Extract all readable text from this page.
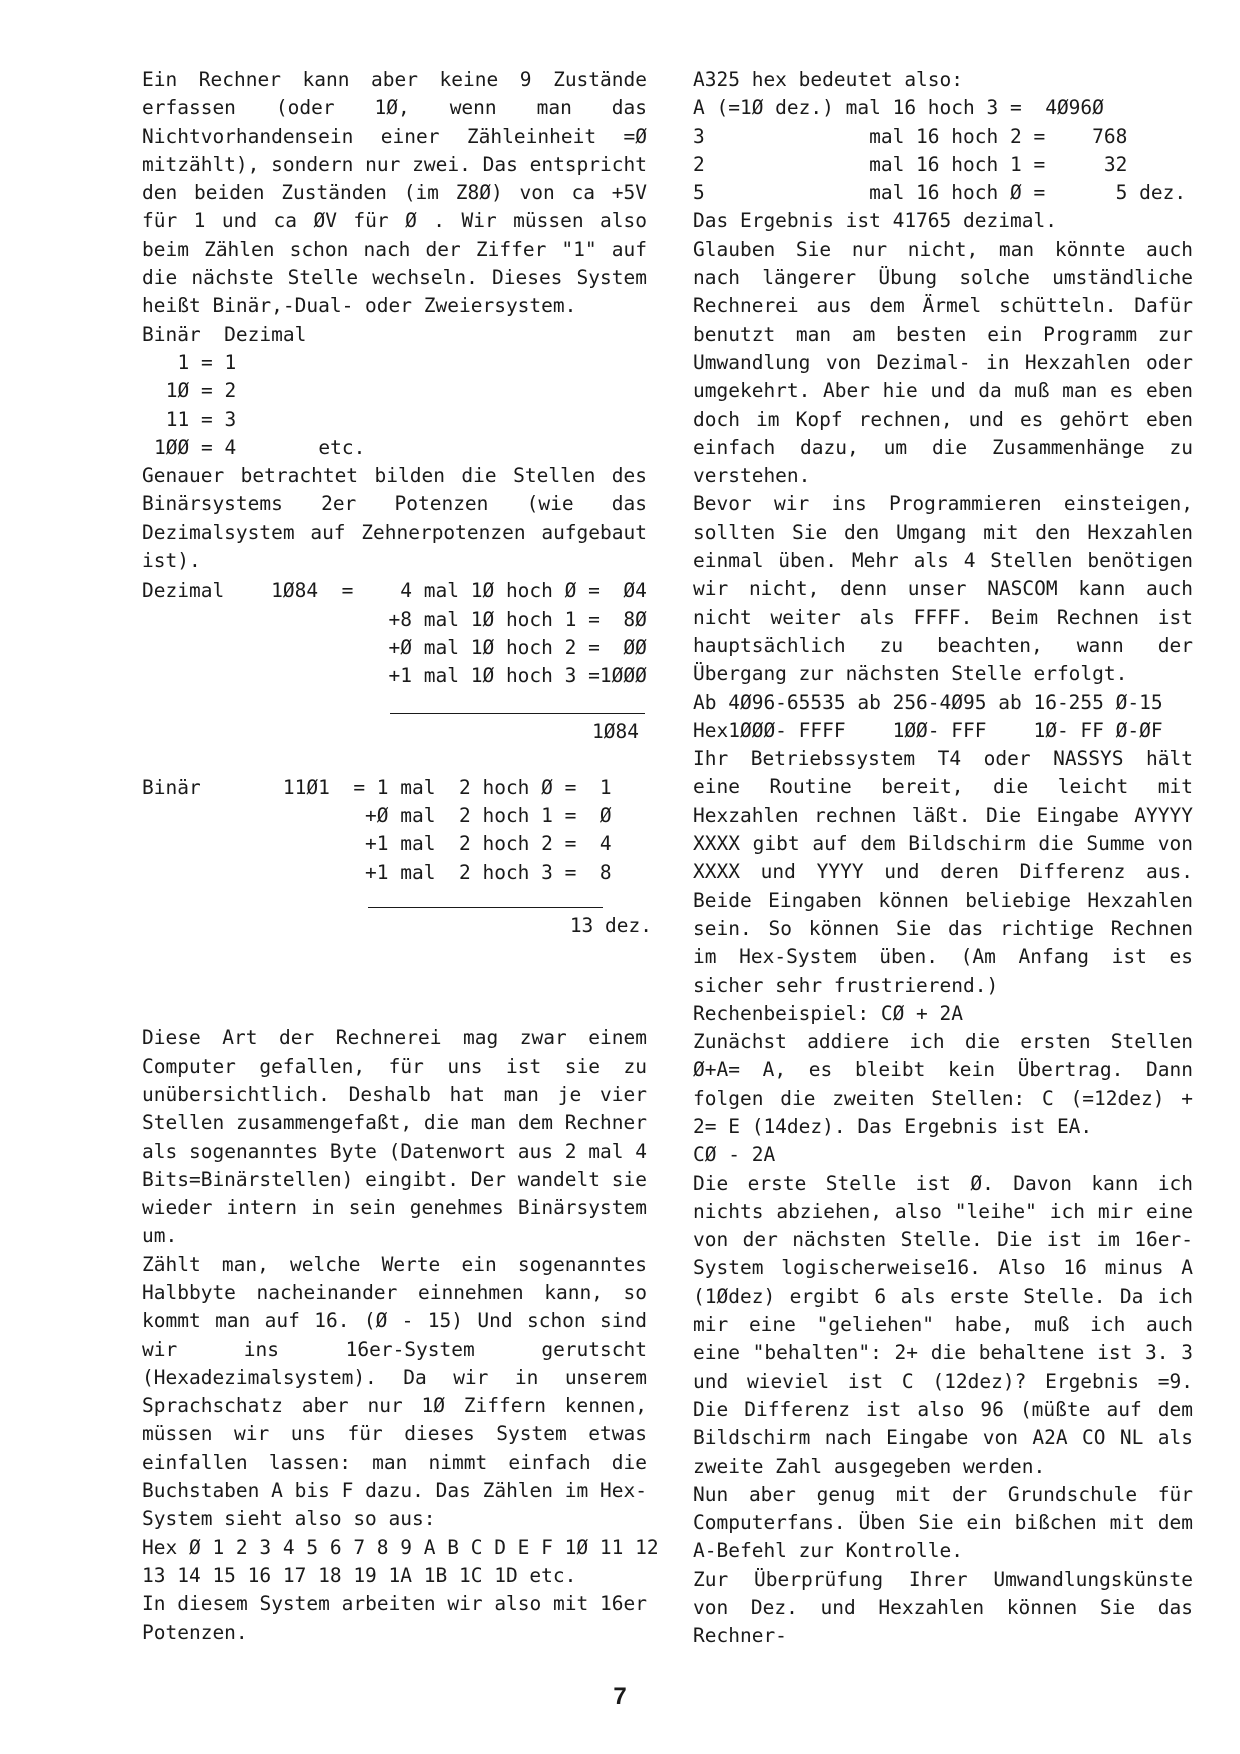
Ein Rechner kann aber keine 9 Zustände erfassen (oder 1Ø, wenn man das Nichtvorhandensein einer Zähleinheit =Ø mitzählt), sondern nur zwei. Das entspricht den beiden Zuständen (im Z8Ø) von ca +5V für 1 und ca ØV für Ø . Wir müssen also beim Zählen schon nach der Ziffer "1" auf die nächste Stelle wechseln. Dieses System heißt Binär,-Dual- oder Zweiersystem.

Binär  Dezimal

1 = 1

1Ø = 2

11 = 3

1ØØ = 4       etc.

Genauer betrachtet bilden die Stellen des Binärsystems 2er Potenzen (wie das Dezimalsystem auf Zehnerpotenzen aufgebaut ist).

Dezimal    1Ø84  =    4 mal 1Ø hoch Ø =  Ø4

+8 mal 1Ø hoch 1 =  8Ø

+Ø mal 1Ø hoch 2 =  ØØ

+1 mal 1Ø hoch 3 =1ØØØ

1Ø84

Binär       11Ø1  = 1 mal  2 hoch Ø =  1

+Ø mal  2 hoch 1 =  Ø

+1 mal  2 hoch 2 =  4

+1 mal  2 hoch 3 =  8

13 dez.

Diese Art der Rechnerei mag zwar einem Computer gefallen, für uns ist sie zu unübersichtlich. Deshalb hat man je vier Stellen zusammengefaßt, die man dem Rechner als sogenanntes Byte (Datenwort aus 2 mal 4 Bits=Binärstellen) eingibt. Der wandelt sie wieder intern in sein genehmes Binärsystem um.

Zählt man, welche Werte ein sogenanntes Halbbyte nacheinander einnehmen kann, so kommt man auf 16. (Ø - 15) Und schon sind wir ins 16er-System gerutscht (Hexadezimalsystem). Da wir in unserem Sprachschatz aber nur 1Ø Ziffern kennen, müssen wir uns für dieses System etwas einfallen lassen: man nimmt einfach die Buchstaben A bis F dazu. Das Zählen im Hex-System sieht also so aus:

Hex Ø 1 2 3 4 5 6 7 8 9 A B C D E F 1Ø 11 12

13 14 15 16 17 18 19 1A 1B 1C 1D etc.

In diesem System arbeiten wir also mit 16er Potenzen.

A325 hex bedeutet also:

A (=1Ø dez.) mal 16 hoch 3 =  4Ø96Ø

3              mal 16 hoch 2 =    768

2              mal 16 hoch 1 =     32

5              mal 16 hoch Ø =      5 dez.

Das Ergebnis ist 41765 dezimal.

Glauben Sie nur nicht, man könnte auch nach längerer Übung solche umständliche Rechnerei aus dem Ärmel schütteln. Dafür benutzt man am besten ein Programm zur Umwandlung von Dezimal- in Hexzahlen oder umgekehrt. Aber hie und da muß man es eben doch im Kopf rechnen, und es gehört eben einfach dazu, um die Zusammenhänge zu verstehen.

Bevor wir ins Programmieren einsteigen, sollten Sie den Umgang mit den Hexzahlen einmal üben. Mehr als 4 Stellen benötigen wir nicht, denn unser NASCOM kann auch nicht weiter als FFFF. Beim Rechnen ist hauptsächlich zu beachten, wann der Übergang zur nächsten Stelle erfolgt.

Ab 4Ø96-65535 ab 256-4Ø95 ab 16-255 Ø-15

Hex1ØØØ- FFFF    1ØØ- FFF    1Ø- FF Ø-ØF

Ihr Betriebssystem T4 oder NASSYS hält eine Routine bereit, die leicht mit Hexzahlen rechnen läßt. Die Eingabe AYYYY XXXX gibt auf dem Bildschirm die Summe von XXXX und YYYY und deren Differenz aus. Beide Eingaben können beliebige Hexzahlen sein. So können Sie das richtige Rechnen im Hex-System üben. (Am Anfang ist es sicher sehr frustrierend.)

Rechenbeispiel: CØ + 2A

Zunächst addiere ich die ersten Stellen Ø+A= A, es bleibt kein Übertrag. Dann folgen die zweiten Stellen: C (=12dez) + 2= E (14dez). Das Ergebnis ist EA.

CØ - 2A

Die erste Stelle ist Ø. Davon kann ich nichts abziehen, also "leihe" ich mir eine von der nächsten Stelle. Die ist im 16er-System logischerweise16. Also 16 minus A (1Ødez) ergibt 6 als erste Stelle. Da ich mir eine "geliehen" habe, muß ich auch eine "behalten": 2+ die behaltene ist 3. 3 und wieviel ist C (12dez)? Ergebnis =9. Die Differenz ist also 96 (müßte auf dem Bildschirm nach Eingabe von A2A CO NL als zweite Zahl ausgegeben werden.

Nun aber genug mit der Grundschule für Computerfans. Üben Sie ein bißchen mit dem A-Befehl zur Kontrolle.

Zur Überprüfung Ihrer Umwandlungskünste von Dez. und Hexzahlen können Sie das Rechner-

7
